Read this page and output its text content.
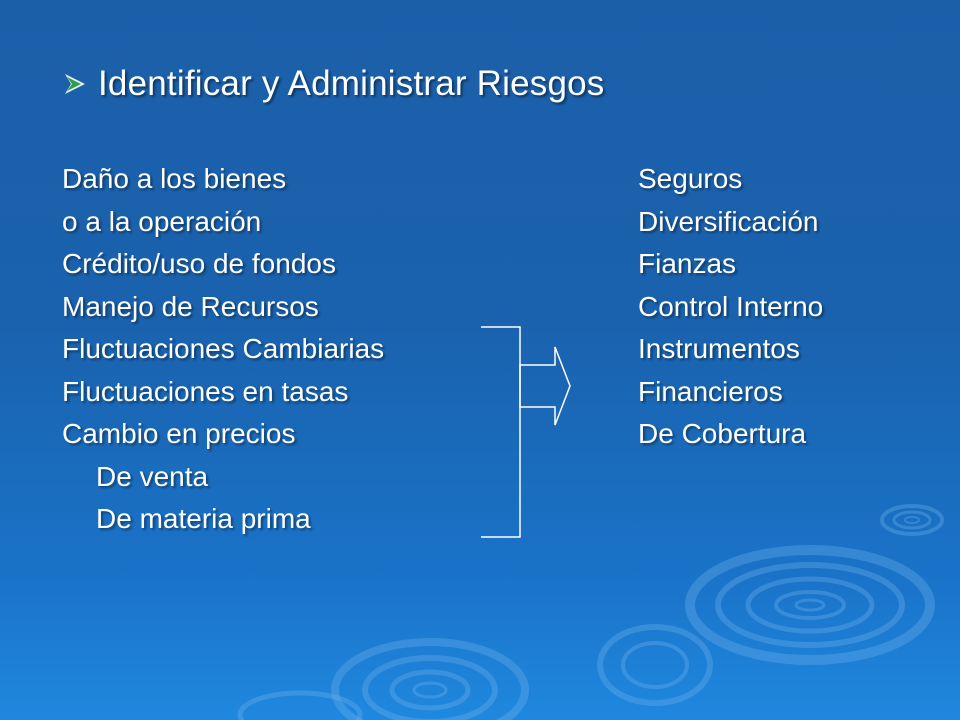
Identificar y Administrar Riesgos
Daño a los bienes
o a la operación
Crédito/uso de fondos
Manejo de Recursos
Fluctuaciones Cambiarias
Fluctuaciones en tasas
Cambio en precios
De venta
De materia prima
Seguros
Diversificación
Fianzas
Control Interno
Instrumentos
Financieros
De Cobertura
